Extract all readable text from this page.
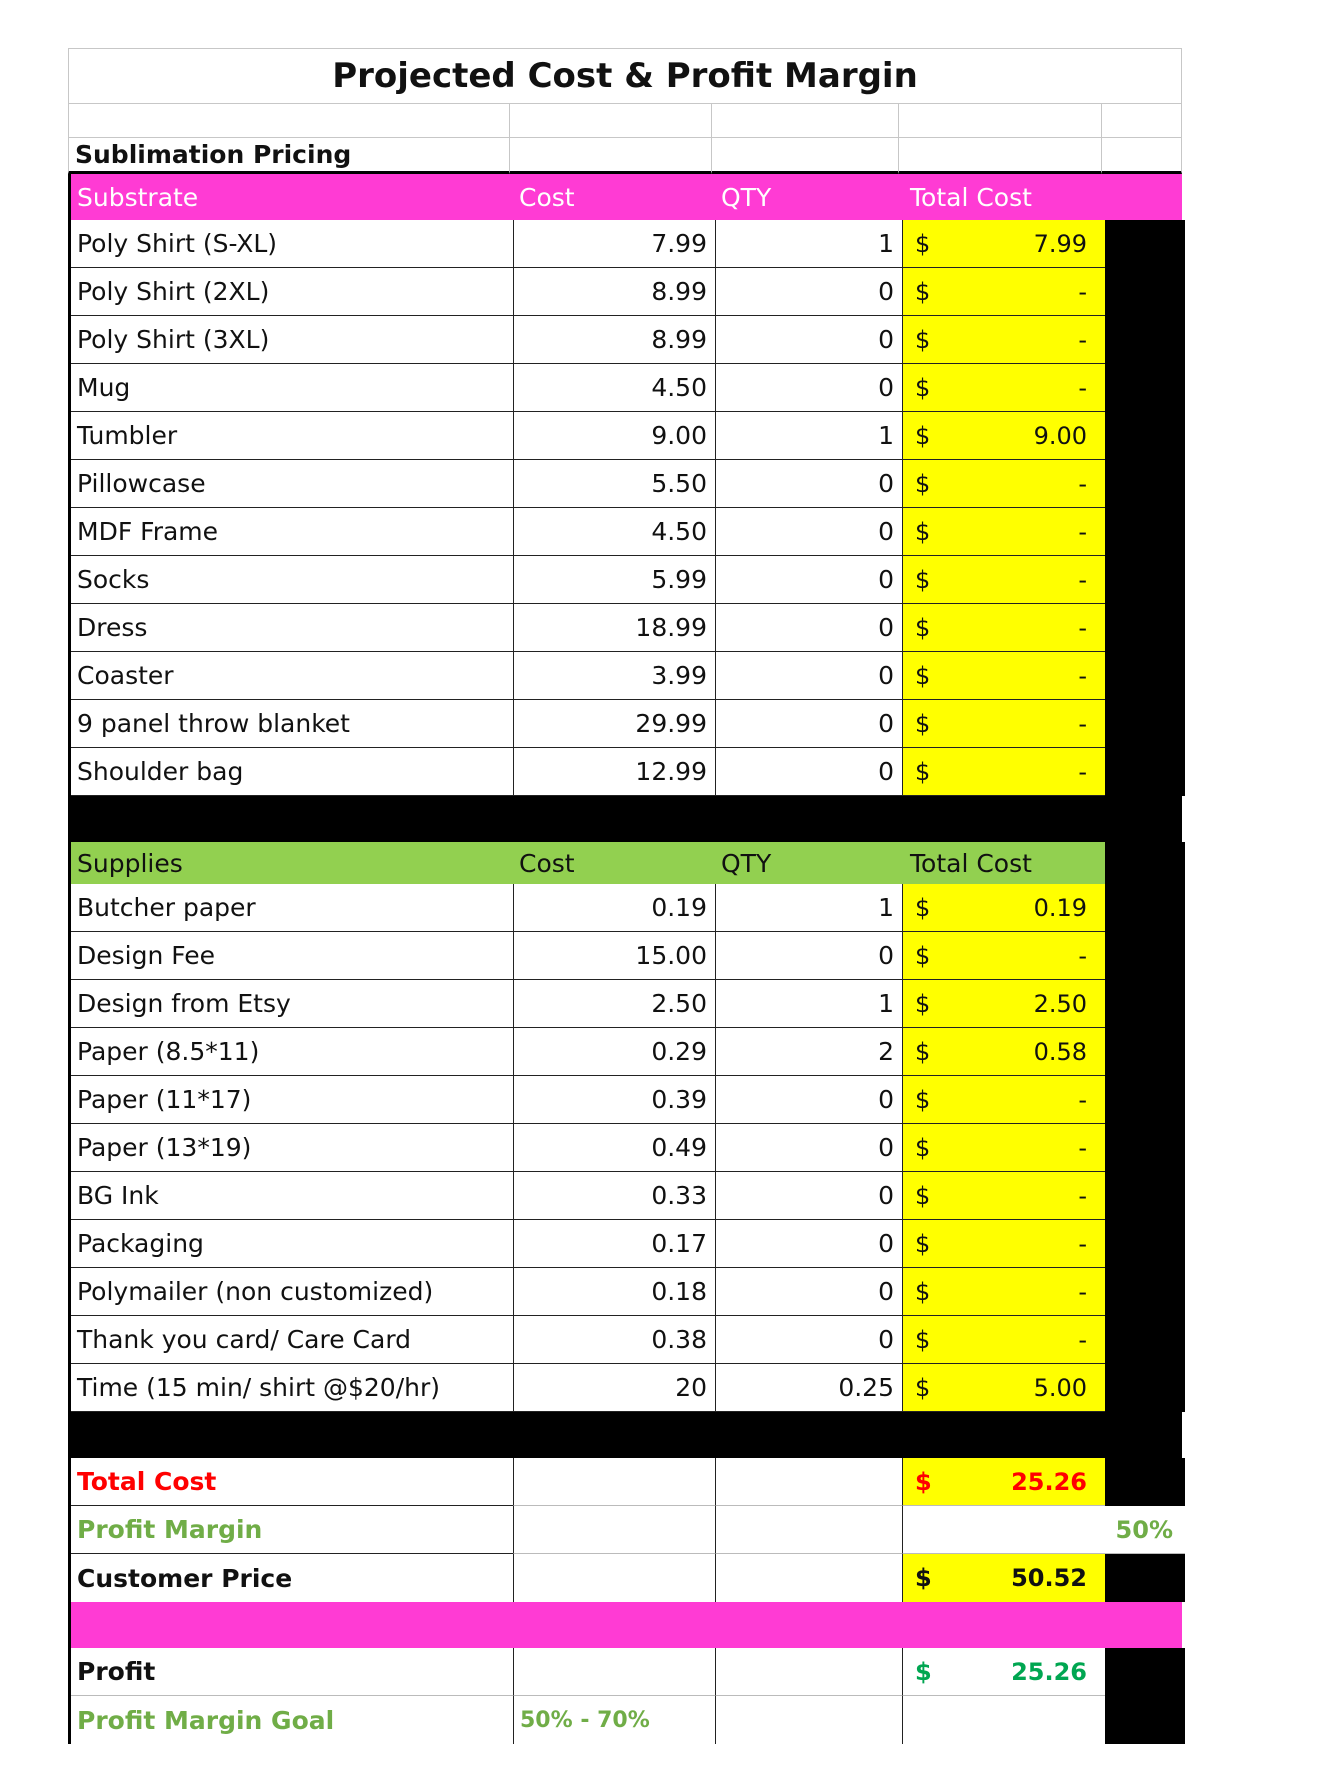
Projected Cost & Profit Margin
Sublimation Pricing
Substrate	Cost	QTY	Total Cost
Poly Shirt (S-XL)	7.99	1 $	7.99
Poly Shirt (2XL)	8.99	0 $	-
Poly Shirt (3XL)	8.99	0 $	-
Mug	4.50	0 $	-
Tumbler	9.00	1 $	9.00
Pillowcase	5.50	0 $	-
MDF Frame	4.50	0 $	-
Socks	5.99	0 $	-
Dress	18.99	0 $	-
Coaster	3.99	0 $	-
9 panel throw blanket	29.99	0 $	-
Shoulder bag	12.99	0 $	-
Supplies	Cost	QTY	Total Cost
Butcher paper	0.19	1 $	0.19
Design Fee	15.00	0 $	-
Design from Etsy	2.50	1 $	2.50
Paper (8.5*11)	0.29	2 $	0.58
Paper (11*17)	0.39	0 $	-
Paper (13*19)	0.49	0 $	-
BG Ink	0.33	0 $	-
Packaging	0.17	0 $	-
Polymailer (non customized)	0.18	0 $	-
Thank you card/ Care Card	0.38	0 $	-
Time (15 min/ shirt @$20/hr)	20	0.25 $	5.00
Total Cost	$	25.26
Profit Margin	50%
Customer Price	$	50.52
Profit	$	25.26
Profit Margin Goal	50% - 70%
